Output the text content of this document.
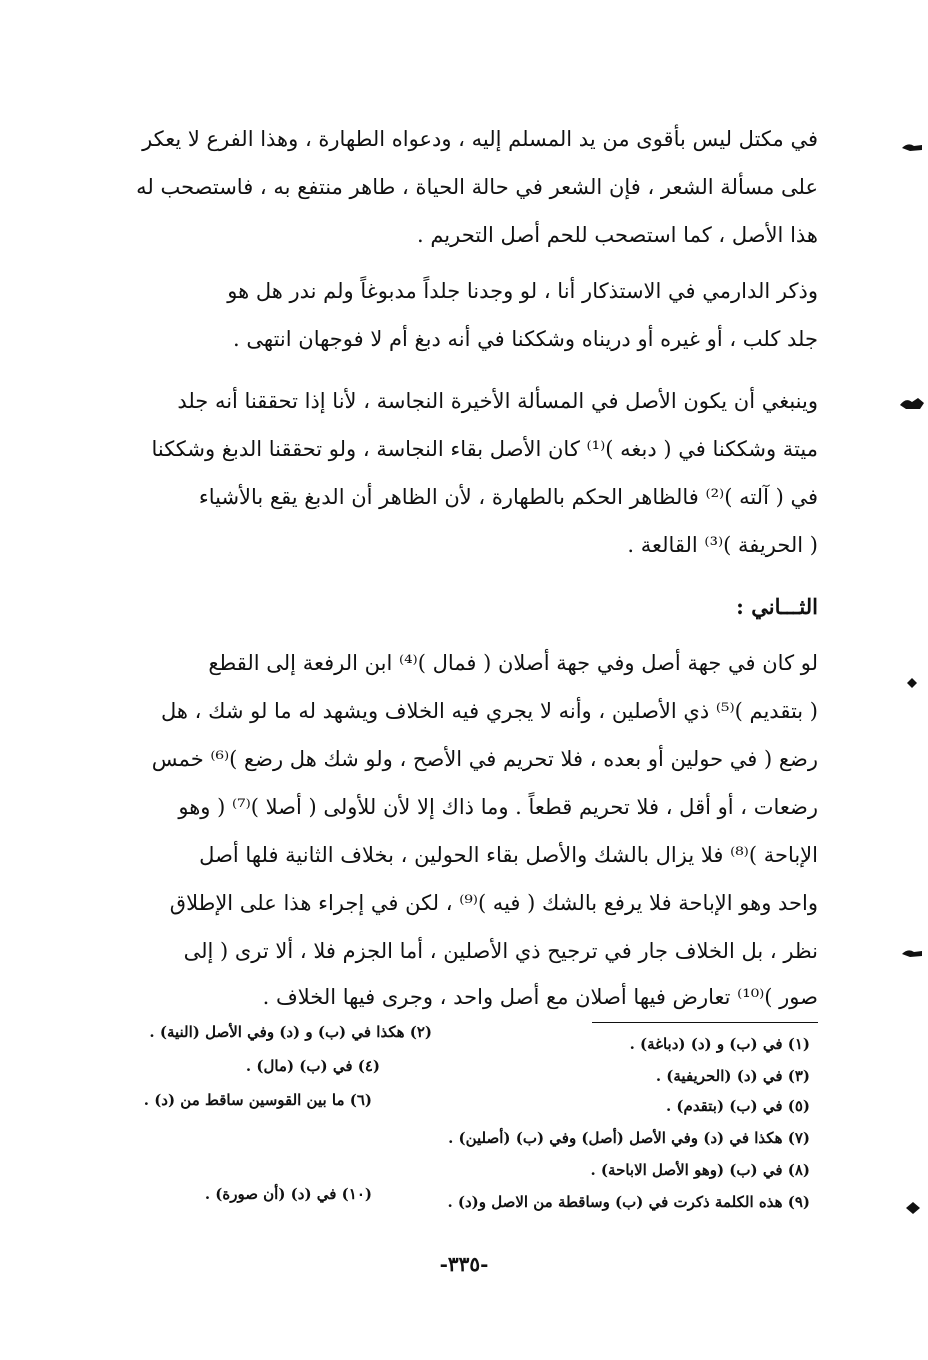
في مكتل ليس بأقوى من يد المسلم إليه ، ودعواه الطهارة ، وهذا الفرع لا يعكر
على مسألة الشعر ، فإن الشعر في حالة الحياة ، طاهر منتفع به ، فاستصحب له
هذا الأصل ، كما استصحب للحم أصل التحريم .
وذكر الدارمي في الاستذكار أنا ، لو وجدنا جلداً مدبوغاً ولم ندر هل هو
جلد كلب ، أو غيره أو دريناه وشككنا في أنه دبغ أم لا فوجهان انتهى .
وينبغي أن يكون الأصل في المسألة الأخيرة النجاسة ، لأنا إذا تحققنا أنه جلد
ميتة وشككنا في ( دبغه )⁽¹⁾ كان الأصل بقاء النجاسة ، ولو تحققنا الدبغ وشككنا
في ( آلته )⁽²⁾ فالظاهر الحكم بالطهارة ، لأن الظاهر أن الدبغ يقع بالأشياء
( الحريفة )⁽³⁾ القالعة .
الثـــاني :
لو كان في جهة أصل وفي جهة أصلان ( فمال )⁽⁴⁾ ابن الرفعة إلى القطع
( بتقديم )⁽⁵⁾ ذي الأصلين ، وأنه لا يجري فيه الخلاف ويشهد له ما لو شك ، هل
رضع ( في حولين أو بعده ، فلا تحريم في الأصح ، ولو شك هل رضع )⁽⁶⁾ خمس
رضعات ، أو أقل ، فلا تحريم قطعاً . وما ذاك إلا لأن للأولى ( أصلا )⁽⁷⁾ ( وهو
الإباحة )⁽⁸⁾ فلا يزال بالشك والأصل بقاء الحولين ، بخلاف الثانية فلها أصل
واحد وهو الإباحة فلا يرفع بالشك ( فيه )⁽⁹⁾ ، لكن في إجراء هذا على الإطلاق
نظر ، بل الخلاف جار في ترجيح ذي الأصلين ، أما الجزم فلا ، ألا ترى ( إلى
صور )⁽¹⁰⁾ تعارض فيها أصلان مع أصل واحد ، وجرى فيها الخلاف .
(١) في (ب) و (د) (دباغة) .
(٣) في (د) (الحريفية) .
(٥) في (ب) (بتقدم) .
(٧) هكذا في (د) وفي الأصل (أصل) وفي (ب) (أصلين) .
(٨) في (ب) (وهو الأصل الاباحة) .
(٩) هذه الكلمة ذكرت في (ب) وساقطة من الاصل و(د) .
(٢) هكذا في (ب) و (د) وفي الأصل (النية) .
(٤) في (ب) (مال) .
(٦) ما بين القوسين ساقط من (د) .
(١٠) في (د) (أن صورة) .
-٣٣٥-
